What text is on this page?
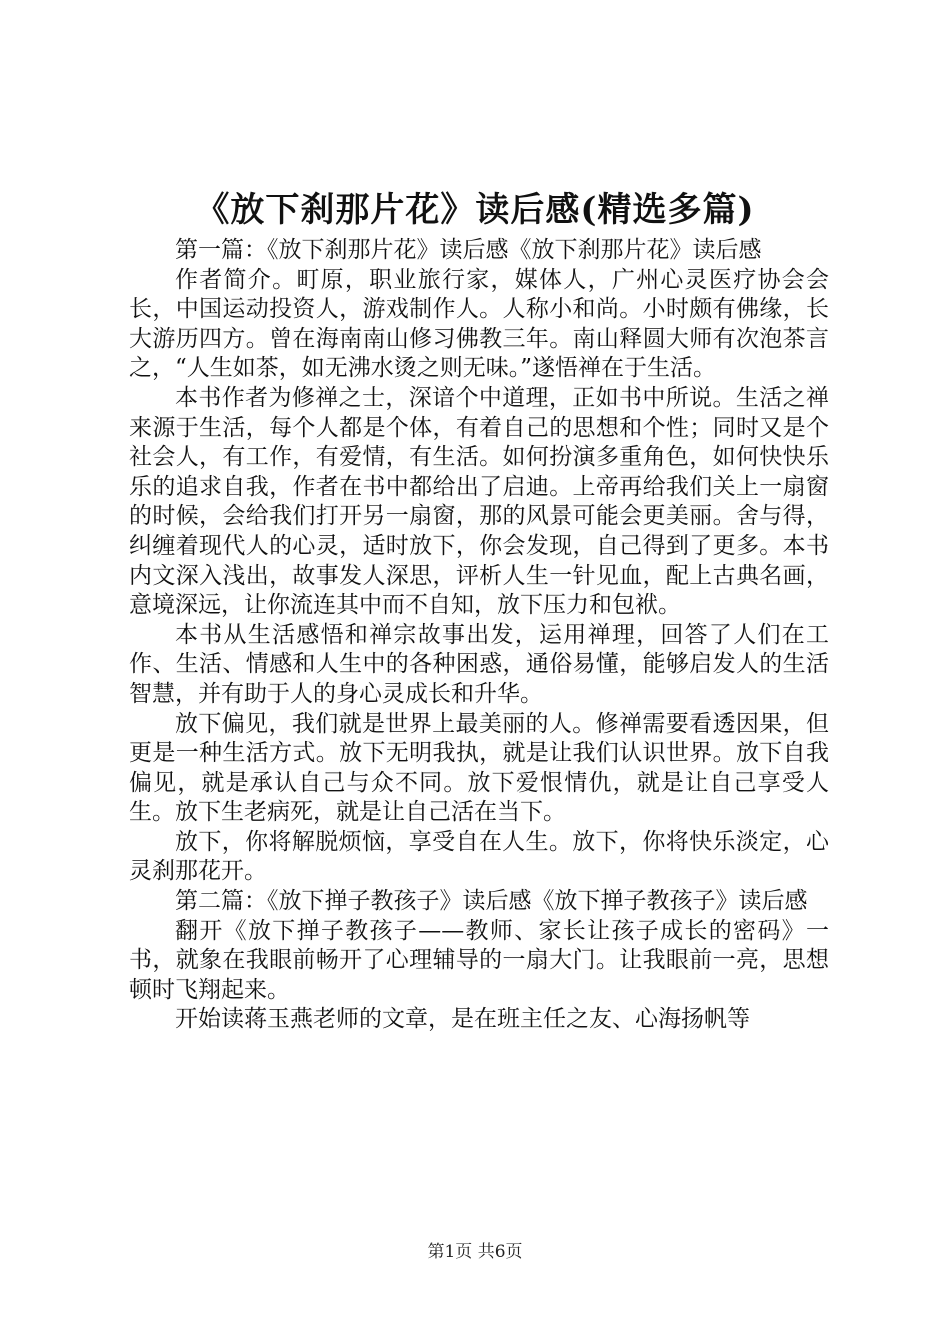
《放下刹那片花》读后感(精选多篇)

第一篇：《放下刹那片花》读后感《放下刹那片花》读后感

作者简介。町原，职业旅行家，媒体人，广州心灵医疗协会会长，中国运动投资人，游戏制作人。人称小和尚。小时颇有佛缘，长大游历四方。曾在海南南山修习佛教三年。南山释圆大师有次泡茶言之，“人生如茶，如无沸水烫之则无味。”遂悟禅在于生活。

本书作者为修禅之士，深谙个中道理，正如书中所说。生活之禅来源于生活，每个人都是个体，有着自己的思想和个性；同时又是个社会人，有工作，有爱情，有生活。如何扮演多重角色，如何快快乐乐的追求自我，作者在书中都给出了启迪。上帝再给我们关上一扇窗的时候，会给我们打开另一扇窗，那的风景可能会更美丽。舍与得，纠缠着现代人的心灵，适时放下，你会发现，自己得到了更多。本书内文深入浅出，故事发人深思，评析人生一针见血，配上古典名画，意境深远，让你流连其中而不自知，放下压力和包袱。

本书从生活感悟和禅宗故事出发，运用禅理，回答了人们在工作、生活、情感和人生中的各种困惑，通俗易懂，能够启发人的生活智慧，并有助于人的身心灵成长和升华。

放下偏见，我们就是世界上最美丽的人。修禅需要看透因果，但更是一种生活方式。放下无明我执，就是让我们认识世界。放下自我偏见，就是承认自己与众不同。放下爱恨情仇，就是让自己享受人生。放下生老病死，就是让自己活在当下。

放下，你将解脱烦恼，享受自在人生。放下，你将快乐淡定，心灵刹那花开。

第二篇：《放下掸子教孩子》读后感《放下掸子教孩子》读后感

翻开《放下掸子教孩子——教师、家长让孩子成长的密码》一书，就象在我眼前畅开了心理辅导的一扇大门。让我眼前一亮，思想顿时飞翔起来。

开始读蒋玉燕老师的文章，是在班主任之友、心海扬帆等

第1页 共6页
